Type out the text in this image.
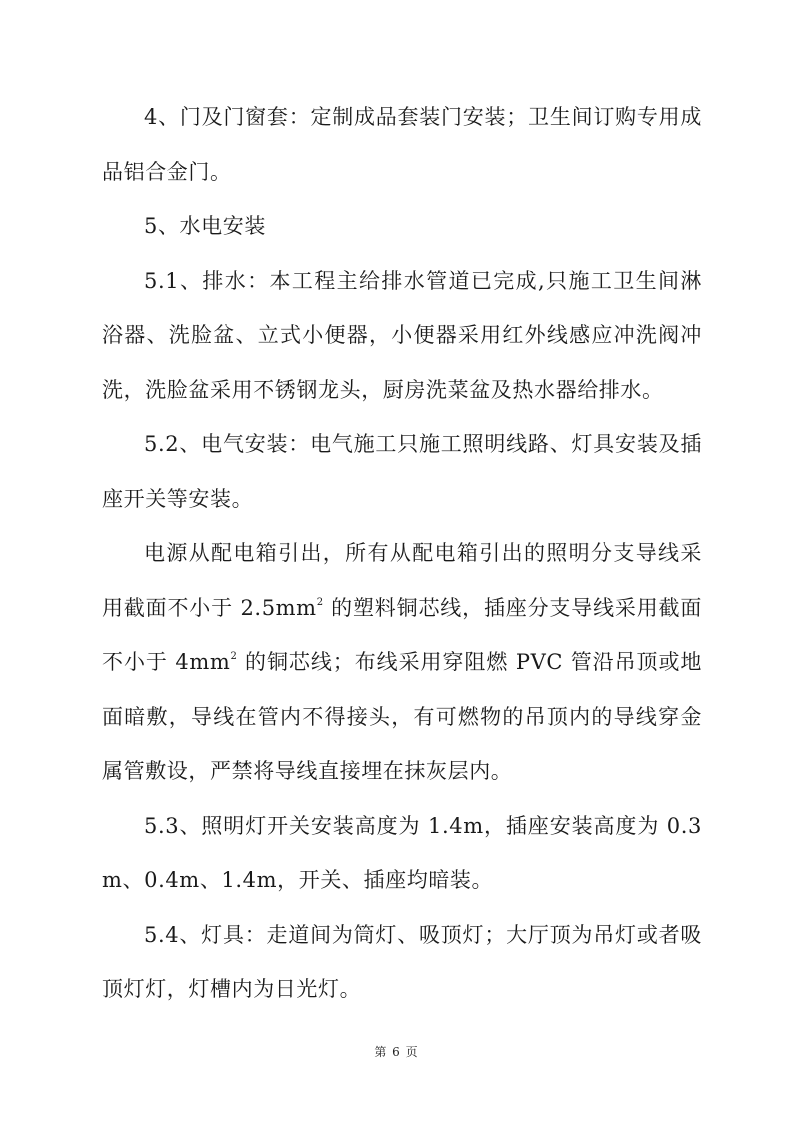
4、门及门窗套：定制成品套装门安装；卫生间订购专用成品铝合金门。

5、水电安装

5.1、排水：本工程主给排水管道已完成,只施工卫生间淋浴器、洗脸盆、立式小便器，小便器采用红外线感应冲洗阀冲洗，洗脸盆采用不锈钢龙头，厨房洗菜盆及热水器给排水。

5.2、电气安装：电气施工只施工照明线路、灯具安装及插座开关等安装。

电源从配电箱引出，所有从配电箱引出的照明分支导线采用截面不小于 $2.5mm^2$ 的塑料铜芯线，插座分支导线采用截面不小于 $4mm^2$ 的铜芯线；布线采用穿阻燃 PVC 管沿吊顶或地面暗敷，导线在管内不得接头，有可燃物的吊顶内的导线穿金属管敷设，严禁将导线直接埋在抹灰层内。

5.3、照明灯开关安装高度为 1.4m，插座安装高度为 0.3m、0.4m、1.4m，开关、插座均暗装。

5.4、灯具：走道间为筒灯、吸顶灯；大厅顶为吊灯或者吸顶灯灯，灯槽内为日光灯。

第 6 页
